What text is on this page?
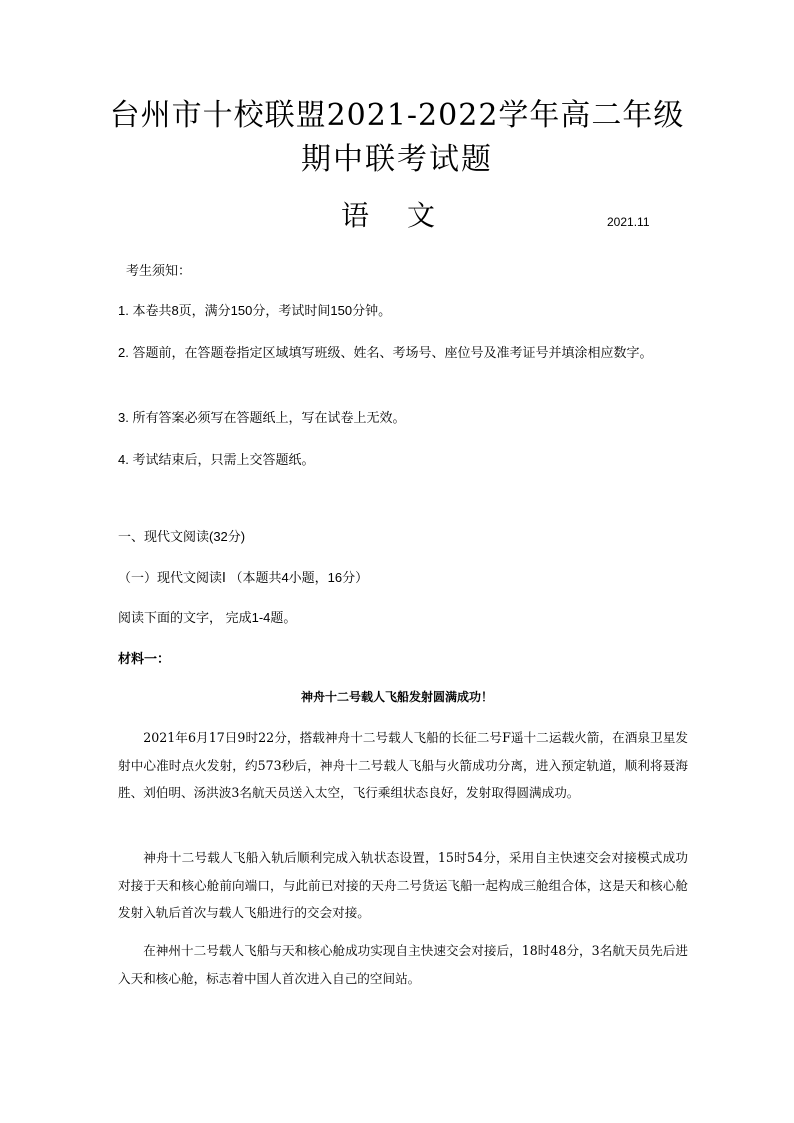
台州市十校联盟2021-2022学年高二年级
期中联考试题
语文	2021.11
考生须知：
1. 本卷共8页，满分150分，考试时间150分钟。
2. 答题前，在答题卷指定区域填写班级、姓名、考场号、座位号及准考证号并填涂相应数字。
3. 所有答案必须写在答题纸上，写在试卷上无效。
4. 考试结束后，只需上交答题纸。
一、现代文阅读(32分)
（一）现代文阅读Ⅰ （本题共4小题，16分）
阅读下面的文字， 完成1-4题。
材料一：
神舟十二号载人飞船发射圆满成功！
2021年6月17日9时22分，搭载神舟十二号载人飞船的长征二号F遥十二运载火箭，在酒泉卫星发射中心准时点火发射，约573秒后，神舟十二号载人飞船与火箭成功分离，进入预定轨道，顺利将聂海胜、刘伯明、汤洪波3名航天员送入太空，飞行乘组状态良好，发射取得圆满成功。
神舟十二号载人飞船入轨后顺利完成入轨状态设置，15时54分，采用自主快速交会对接模式成功对接于天和核心舱前向端口，与此前已对接的天舟二号货运飞船一起构成三舱组合体，这是天和核心舱发射入轨后首次与载人飞船进行的交会对接。
在神州十二号载人飞船与天和核心舱成功实现自主快速交会对接后，18时48分，3名航天员先后进入天和核心舱，标志着中国人首次进入自己的空间站。
